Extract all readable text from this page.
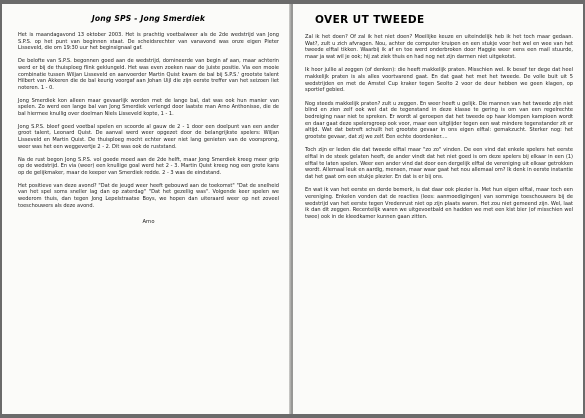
Jong SPS - Jong Smerdiek

Het is maandagavond 13 oktober 2003. Het is prachtig voetbalweer als de 2de wedstrijd van Jong S.P.S. op het punt van beginnen staat. De scheidsrechter van vanavond was onze eigen Pieter Lisseveld, die om 19:30 uur het beginsignaal gaf.

De belofte van S.P.S. begonnen goed aan de wedstrijd, domineerde van begin af aan, maar achterin werd er bij de thuisploeg flink geklungeld. Het was even zoeken naar de juiste positie. Via een mooie combinatie tussen Wiljan Lisseveld en aanvoerder Martin Quist kwam de bal bij S.P.S.' grootste talent Hilbert van Akkeren die de bal keurig voorgaf aan Johan Uijl die zijn eerste treffer van het seizoen liet noteren. 1 - 0.

Jong Smerdiek kon alleen maar gevaarlijk worden met de lange bal, dat was ook hun manier van spelen. Zo werd een lange bal van Jong Smerdiek verlengd door laatste man Arno Anthonisse, die de bal hiermee knullig over doelman Niels Lisseveld kopte, 1 - 1.

Jong S.P.S. bleef goed voetbal spelen en scoorde al gauw de 2 - 1 door een doelpunt van een ander groot talent, Leonard Quist. De aanval werd weer opgezet door de belangrijkste spelers: Wiljan Lisseveld en Martin Quist. De thuisploeg mocht echter weer niet lang genieten van de voorsprong, weer was het een weggevertje 2 - 2. Dit was ook de ruststand.

Na de rust begon Jong S.P.S. vol goede moed aan de 2de helft, maar Jong Smerdiek kreeg meer grip op de wedstrijd. En via (weer) een knullige goal werd het 2 - 3. Martin Quist kreeg nog een grote kans op de gelijkmaker, maar de keeper van Smerdiek redde. 2 - 3 was de eindstand.

Het positieve van deze avond? "Dat de jeugd weer heeft gebouwd aan de toekomst" "Dat de snelheid van het spel soms sneller lag dan op zaterdag" "Dat het gezellig was". Volgende keer spelen we wederom thuis, dan tegen Jong Lepelstraatse Boys, we hopen dan uiteraard weer op net zoveel toeschouwers als deze avond.

Arno
OVER UT TWEEDE

Zal ik het doen? Of zal ik het niet doen? Moeilijke keuze en uiteindelijk heb ik het toch maar gedaan. Wat?, zult u zich afvragen. Nou, achter de computer kruipen en een stukje voor het wel en wee van het tweede elftal tikken. Waarbij ik af en toe werd onderbroken door Haggie weer eens een mail stuurde, maar ja wat wil je ook; hij zat ziek thuis en had nog net zijn darmen niet uitgekotst.

Ik hoor jullie al zeggen (of denken): die heeft makkelijk praten. Misschien wel. Ik besef ter dege dat heel makkelijk praten is als alles voortvarend gaat. En dat gaat het met het tweede. De volle buit uit 5 wedstrijden en met de Amstel Cup kraker tegen Seolto 2 voor de deur hebben we geen klagen, op sportief gebied.

Nog steeds makkelijk praten? zult u zeggen. En weer heeft u gelijk. Die mannen van het tweede zijn niet blind en zien zelf ook wel dat de tegenstand in deze klasse te gering is om van een regelrechte bedreiging naar niet te spreken. Er wordt al geroepen dat het tweede op haar klompen kampioen wordt en daar gaat deze spelersgroep ook voor, maar een uitglijder tegen een wat mindere tegenstander zit er altijd. Wat dat betreft schuilt het grootste gevaar in ons eigen elftal: gemakzucht. Sterker nog: het grootste gevaar, dat zij we zelf. Een echte doordenker....

Toch zijn er leden die dat tweede elftal maar "zo zo" vinden. De een vind dat enkele spelers het eerste elftal in de steek gelaten heeft, de ander vindt dat het niet goed is om deze spelers bij elkaar in een (1) elftal te laten spelen. Weer een ander vind dat door een dergelijk elftal de vereniging uit elkaar getrokken wordt. Allemaal leuk en aardig, mensen, maar waar gaat het nou allemaal om? Ik denk in eerste instantie dat het gaat om een stukje plezier. En dat is er bij ons.

En wat ik van het eerste en derde bemerk, is dat daar ook plezier is. Met hun eigen elftal, maar toch een vereniging. Enkelen vonden dat de reacties (lees: aanmoedigingen) van sommige toeschouwers bij de wedstrijd van het eerste tegen Vredenrust niet op zijn plaats waren. Het zou niet gemeend zijn. Wel, laat ik dan dit zeggen. Recentelijk waren we uitgevoetbald en hadden we met een kist bier (of misschien wel twee) ook in de kleedkamer kunnen gaan zitten.
